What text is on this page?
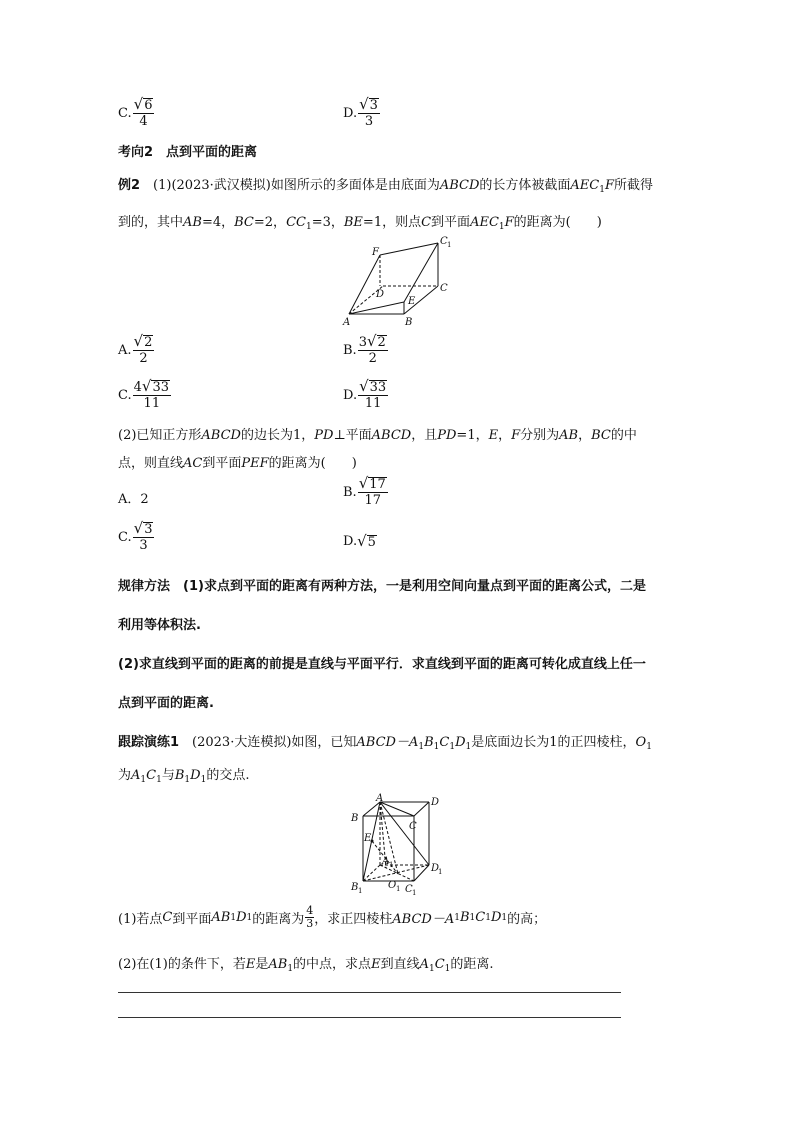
C. $\frac{√ 6}{4}$	D. $\frac{√ 3}{3}$
考向2　点到平面的距离
例2　(1)(2023·武汉模拟)如图所示的多面体是由底面为ABCD的长方体被截面$AEC_1F$所截得
到的，其中AB=4，BC=2，$CC_1=3$，BE=1，则点C到平面$AEC_1F$的距离为(　　)
F
C 1
D
C
E
A	B
A. $\frac{√ 2}{2}$	B. $\frac{3 √ 2}{2}$
C. $\frac{4 √ 33}{11}$	D. $\frac{√ 33}{11}$
(2)已知正方形ABCD的边长为1，PD⊥平面ABCD，且PD=1，E，F分别为AB，BC的中
点，则直线AC到平面PEF的距离为(　　)
A．2	B. $\frac{√ 17}{17}$
C. $\frac{√ 3}{3}$	D. √ 5
规律方法　(1)求点到平面的距离有两种方法，一是利用空间向量点到平面的距离公式，二是
利用等体积法.
(2)求直线到平面的距离的前提是直线与平面平行．求直线到平面的距离可转化成直线上任一
点到平面的距离.
跟踪演练1　(2023·大连模拟)如图，已知$ABCD-A_1B_1C_1D_1$是底面边长为1的正四棱柱，$O_1$
为$A_1C_1$与$B_1D_1$的交点.
A	D
B
C
E
A 1	D
1
B 1	O 1 C 1
(1)若点 C 到平面 AB 1 D 1 的距离为 $\frac{4}{3}$ ，求正四棱柱 ABCD－A 1 B 1 C 1 D 1 的高；
(2)在(1)的条件下，若E是$AB_1$的中点，求点E到直线$A_1C_1$的距离.
